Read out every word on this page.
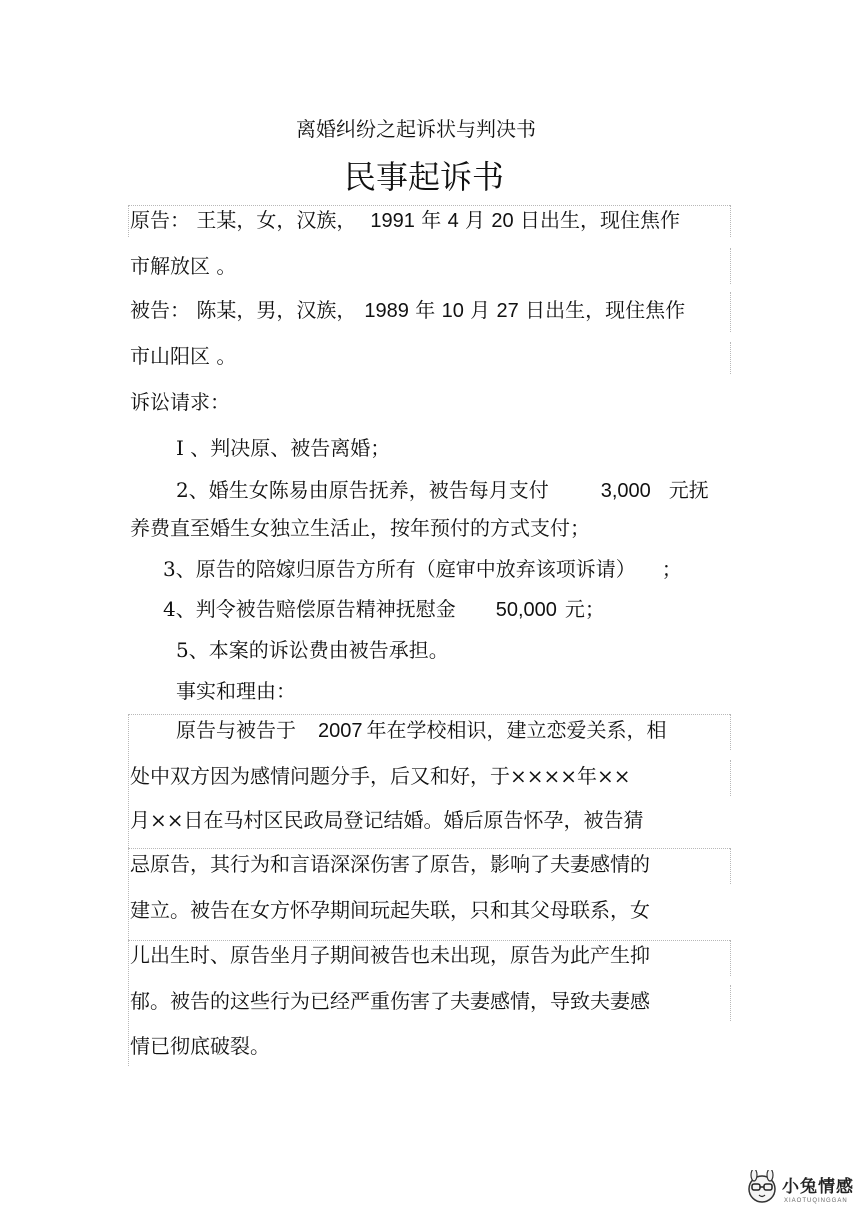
离婚纠纷之起诉状与判决书
民事起诉书
原告： 王某，女，汉族， 1991 年 4 月 20 日出生，现住焦作
市解放区 。
被告： 陈某，男，汉族， 1989 年 10 月 27 日出生，现住焦作
市山阳区 。
诉讼请求：
I 、判决原、被告离婚；
2、婚生女陈易由原告抚养，被告每月支付	3,000 元抚
养费直至婚生女独立生活止，按年预付的方式支付；
3、原告的陪嫁归原告方所有（庭审中放弃该项诉请） ；
4、判令被告赔偿原告精神抚慰金 50,000 元；
5、本案的诉讼费由被告承担。
事实和理由：
原告与被告于 2007 年在学校相识，建立恋爱关系，相
处中双方因为感情问题分手，后又和好，于××××年××
月××日在马村区民政局登记结婚。婚后原告怀孕，被告猜
忌原告，其行为和言语深深伤害了原告，影响了夫妻感情的
建立。被告在女方怀孕期间玩起失联，只和其父母联系，女
儿出生时、原告坐月子期间被告也未出现，原告为此产生抑
郁。被告的这些行为已经严重伤害了夫妻感情，导致夫妻感
情已彻底破裂。
小兔情感
XIAOTUQINGGAN
